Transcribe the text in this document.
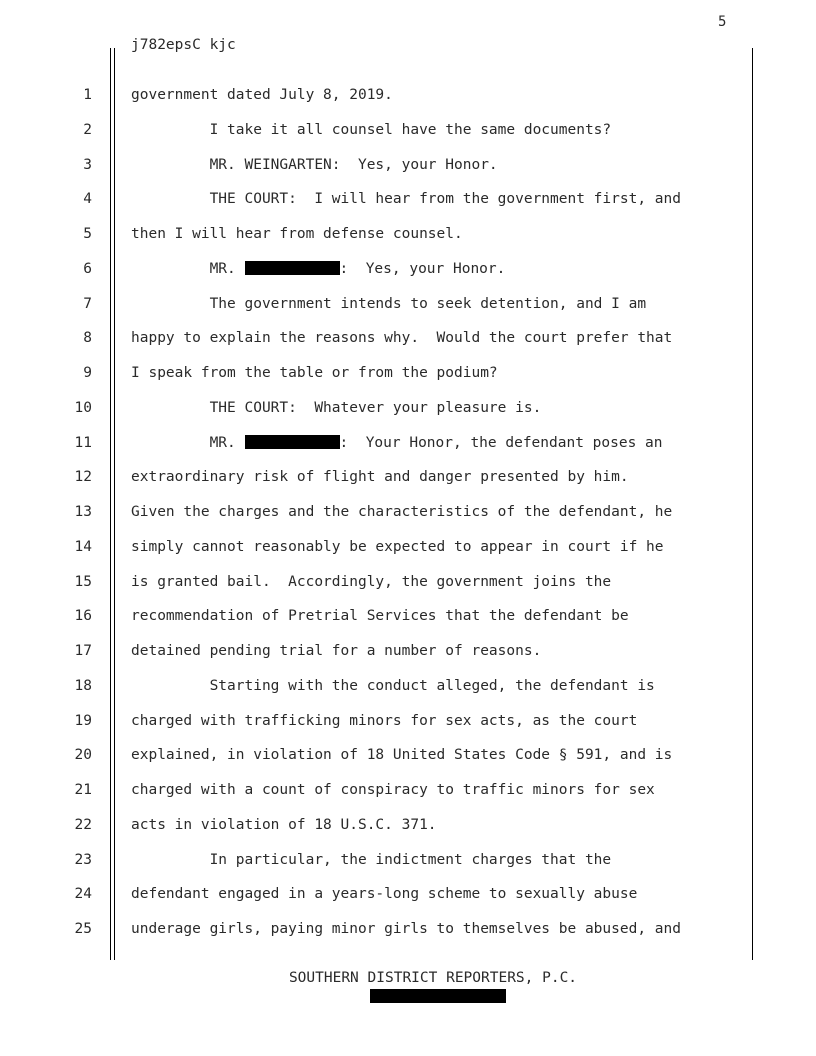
5
j782epsC kjc
1	government dated July 8, 2019.
2	I take it all counsel have the same documents?
3	MR. WEINGARTEN:  Yes, your Honor.
4	THE COURT:  I will hear from the government first, and
5	then I will hear from defense counsel.
6	MR.	:  Yes, your Honor.
7	The government intends to seek detention, and I am
8	happy to explain the reasons why.  Would the court prefer that
9	I speak from the table or from the podium?
10	THE COURT:  Whatever your pleasure is.
11	MR.	:  Your Honor, the defendant poses an
12	extraordinary risk of flight and danger presented by him.
13	Given the charges and the characteristics of the defendant, he
14	simply cannot reasonably be expected to appear in court if he
15	is granted bail.  Accordingly, the government joins the
16	recommendation of Pretrial Services that the defendant be
17	detained pending trial for a number of reasons.
18	Starting with the conduct alleged, the defendant is
19	charged with trafficking minors for sex acts, as the court
20	explained, in violation of 18 United States Code § 591, and is
21	charged with a count of conspiracy to traffic minors for sex
22	acts in violation of 18 U.S.C. 371.
23	In particular, the indictment charges that the
24	defendant engaged in a years-long scheme to sexually abuse
25	underage girls, paying minor girls to themselves be abused, and
SOUTHERN DISTRICT REPORTERS, P.C.
